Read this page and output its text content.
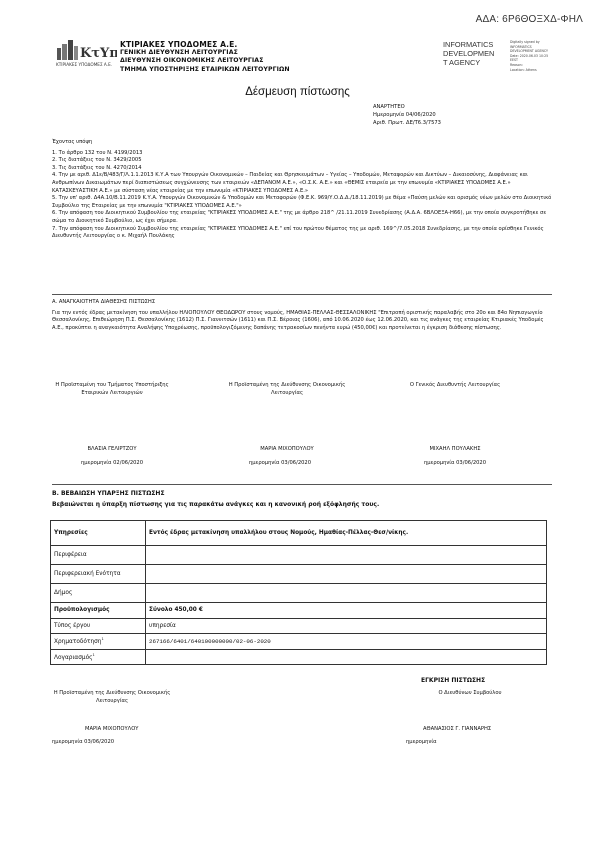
ΑΔΑ: 6Ρ6ΘΟΞΧΔ-ΦΗΛ
ΚτΥπ
ΚΤΙΡΙΑΚΕΣ ΥΠΟΔΟΜΕΣ Α.Ε.
ΚΤΙΡΙΑΚΕΣ ΥΠΟΔΟΜΕΣ Α.Ε.
ΓΕΝΙΚΗ ΔΙΕΥΘΥΝΣΗ ΛΕΙΤΟΥΡΓΙΑΣ
ΔΙΕΥΘΥΝΣΗ ΟΙΚΟΝΟΜΙΚΗΣ ΛΕΙΤΟΥΡΓΙΑΣ
ΤΜΗΜΑ ΥΠΟΣΤΗΡΙΞΗΣ ΕΤΑΙΡΙΚΩΝ ΛΕΙΤΟΥΡΓΙΩΝ
INFORMATICS
DEVELOPMEN
T AGENCY
Digitally signed by
INFORMATICS
DEVELOPMENT AGENCY
Date: 2020.06.03 10:25
EEST
Reason:
Location: Athens
Δέσμευση πίστωσης
ΑΝΑΡΤΗΤΕΟ
Ημερομηνία 04/06/2020
Αριθ. Πρωτ. ΔΕ/Τ6.3/7573

Έχοντας υπόψη

1. Το άρθρο 132 του Ν. 4199/2013

2. Τις διατάξεις του Ν. 3429/2005

3. Τις διατάξεις του Ν. 4270/2014

4. Την με αριθ. Δ1ε/Β/483/Γ/Λ.1.1.2013 Κ.Υ.Α των Υπουργών Οικονομικών – Παιδείας και Θρησκευμάτων – Υγείας – Υποδομών, Μεταφορών και Δικτύων – Δικαιοσύνης, Διαφάνειας και Ανθρωπίνων Δικαιωμάτων περί διαπιστώσεως συγχώνευσης των εταιρειών «ΔΕΠΑΝΟΜ Α.Ε.», «Ο.Σ.Κ. Α.Ε.» και «ΘΕΜΙΣ εταιρεία με την επωνυμία «ΚΤΙΡΙΑΚΕΣ ΥΠΟΔΟΜΕΣ Α.Ε.» ΚΑΤΑΣΚΕΥΑΣΤΙΚΗ Α.Ε.» με σύσταση νέας εταιρείας με την επωνυμία «ΚΤΙΡΙΑΚΕΣ ΥΠΟΔΟΜΕΣ Α.Ε.»

5. Την υπ' αριθ. Δ4Α.10/Β.11.2019 Κ.Υ.Α. Υπουργών Οικονομικών & Υποδομών και Μεταφορών (Φ.Ε.Κ. 969/Υ.Ο.Δ.Δ./18.11.2019) με θέμα «Παύση μελών και ορισμός νέων μελών στο Διοικητικό Συμβούλιο της Εταιρείας με την επωνυμία "ΚΤΙΡΙΑΚΕΣ ΥΠΟΔΟΜΕΣ Α.Ε."»

6. Την απόφαση του Διοικητικού Συμβουλίου της εταιρείας "ΚΤΙΡΙΑΚΕΣ ΥΠΟΔΟΜΕΣ Α.Ε." της με άρθρο 218^ /21.11.2019 Συνεδρίασης (Α.Δ.Α. 6ΒΛΟΕΞΑ-Η66), με την οποία συγκροτήθηκε σε σώμα το Διοικητικό Συμβούλιο, ως έχει σήμερα.

7. Την απόφαση του Διοικητικού Συμβουλίου της εταιρείας "ΚΤΙΡΙΑΚΕΣ ΥΠΟΔΟΜΕΣ Α.Ε." επί του πρώτου θέματος της με αριθ. 169^/7.05.2018 Συνεδρίασης, με την οποία ορίσθηκε Γενικός Διευθυντής Λειτουργίας ο κ. Μιχαήλ Πουλάκης

Α. ΑΝΑΓΚΑΙΟΤΗΤΑ ΔΙΑΘΕΣΗΣ ΠΙΣΤΩΣΗΣ

Για την εντός έδρας μετακίνηση του υπαλλήλου ΗΛΙΟΠΟΥΛΟΥ ΘΕΟΔΩΡΟΥ στους νομούς, ΗΜΑΘΙΑΣ-ΠΕΛΛΑΣ-ΘΕΣΣΑΛΟΝΙΚΗΣ "Επιτροπή οριστικής παραλαβής στο 20ο και 84ο Νηπιαγωγείο Θεσσαλονίκης, Επιθεώρηση Π.Σ. Θεσσαλονίκης (1612) Π.Σ. Γιαννιτσών (1611) και Π.Σ. Βέροιας (1606), από 10.06.2020 έως 12.06.2020, και τις ανάγκες της εταιρείας Κτιριακές Υποδομές Α.Ε., προκύπτει η αναγκαιότητα Αναλήψης Υποχρέωσης, προϋπολογιζόμενης δαπάνης τετρακοσίων πενήντα ευρώ (450,00€) και προτείνεται η έγκριση διάθεσης πίστωσης.

Η Προϊσταμένη του Τμήματος Υποστήριξης Εταιρικών Λειτουργιών
Η Προϊσταμένη της Διεύθυνσης Οικονομικής Λειτουργίας
Ο Γενικός Διευθυντής Λειτουργίας
ΒΛΑΣΙΑ ΓΕΛΙΡΤΖΟΥ	ΜΑΡΙΑ ΜΙΧΟΠΟΥΛΟΥ	ΜΙΧΑΗΛ ΠΟΥΛΑΚΗΣ
ημερομηνία 02/06/2020	ημερομηνία 03/06/2020	ημερομηνία 03/06/2020

Β. ΒΕΒΑΙΩΣΗ ΥΠΑΡΞΗΣ ΠΙΣΤΩΣΗΣ

Βεβαιώνεται η ύπαρξη πίστωσης για τις παρακάτω ανάγκες και η κανονική ροή εξόφλησής τους.

Υπηρεσίες	Εντός έδρας μετακίνηση υπαλλήλου στους Νομούς, Ημαθίας-Πέλλας-Θεσ/νίκης.
Περιφέρεια	
Περιφερειακή Ενότητα	
Δήμος	
Προϋπολογισμός	Σύνολο 450,00 €
Τύπος έργου	υπηρεσία
Χρηματοδότηση$^1$	267166/6401/640100000000/02-06-2020
Λογαριασμός$^1$	
ΕΓΚΡΙΣΗ ΠΙΣΤΩΣΗΣ
Η Προϊσταμένη της Διεύθυνσης Οικονομικής Λειτουργίας
Ο Διευθύνων Συμβούλου
ΜΑΡΙΑ ΜΙΧΟΠΟΥΛΟΥ	ΑΘΑΝΑΣΙΟΣ Γ. ΓΙΑΝΝΑΡΗΣ
ημερομηνία 03/06/2020	ημερομηνία
